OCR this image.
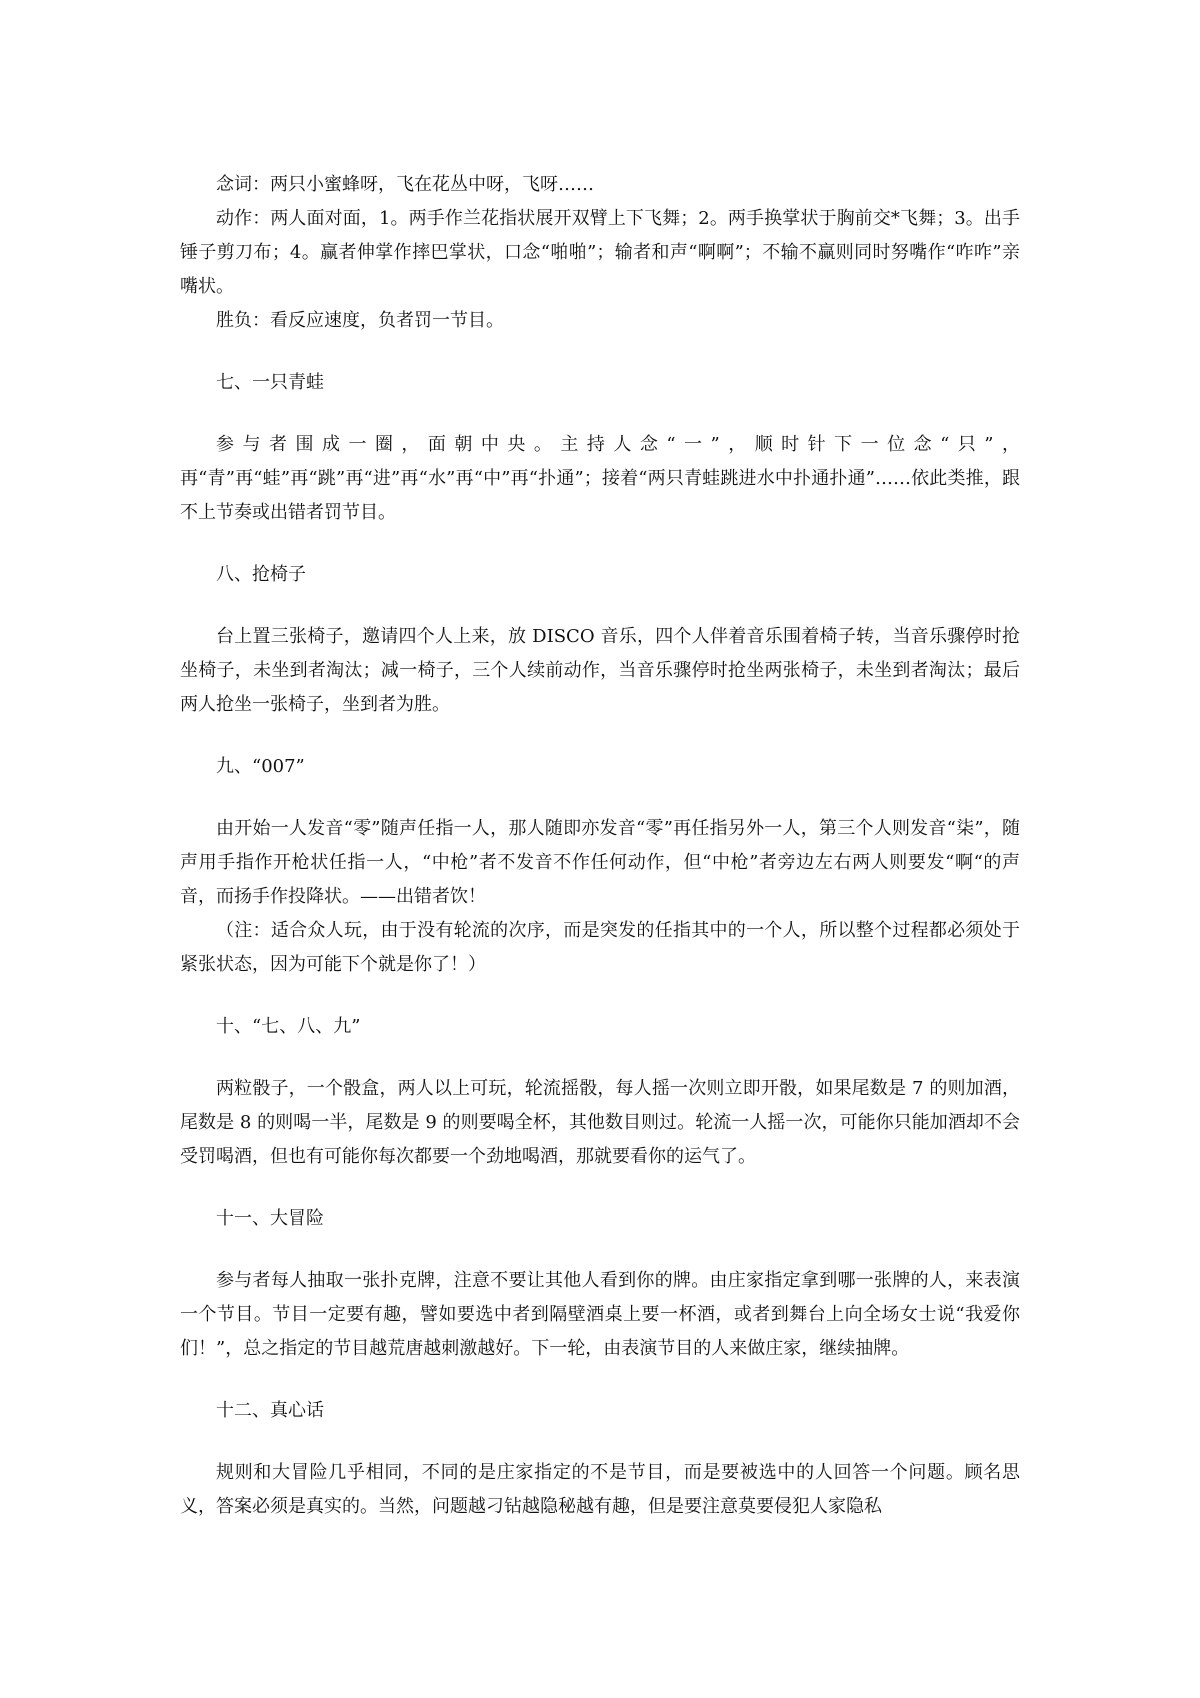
念词：两只小蜜蜂呀，飞在花丛中呀，飞呀……

动作：两人面对面，1。两手作兰花指状展开双臂上下飞舞；2。两手换掌状于胸前交*飞舞；3。出手锤子剪刀布；4。赢者伸掌作摔巴掌状，口念“啪啪”；输者和声“啊啊”；不输不赢则同时努嘴作“咋咋”亲嘴状。

胜负：看反应速度，负者罚一节目。

七、一只青蛙

参与者围成一圈，面朝中央。主持人念“一”，顺时针下一位念“只”，再“青”再“蛙”再“跳”再“进”再“水”再“中”再“扑通”；接着“两只青蛙跳进水中扑通扑通”……依此类推，跟不上节奏或出错者罚节目。

八、抢椅子

台上置三张椅子，邀请四个人上来，放 DISCO 音乐，四个人伴着音乐围着椅子转，当音乐骤停时抢坐椅子，未坐到者淘汰；减一椅子，三个人续前动作，当音乐骤停时抢坐两张椅子，未坐到者淘汰；最后两人抢坐一张椅子，坐到者为胜。

九、“007”

由开始一人发音“零”随声任指一人，那人随即亦发音“零”再任指另外一人，第三个人则发音“柒”，随声用手指作开枪状任指一人，“中枪”者不发音不作任何动作，但“中枪”者旁边左右两人则要发“啊“的声音，而扬手作投降状。——出错者饮！

（注：适合众人玩，由于没有轮流的次序，而是突发的任指其中的一个人，所以整个过程都必须处于紧张状态，因为可能下个就是你了！）

十、“七、八、九”

两粒骰子，一个骰盒，两人以上可玩，轮流摇骰，每人摇一次则立即开骰，如果尾数是 7 的则加酒，尾数是 8 的则喝一半，尾数是 9 的则要喝全杯，其他数目则过。轮流一人摇一次，可能你只能加酒却不会受罚喝酒，但也有可能你每次都要一个劲地喝酒，那就要看你的运气了。

十一、大冒险

参与者每人抽取一张扑克牌，注意不要让其他人看到你的牌。由庄家指定拿到哪一张牌的人，来表演一个节目。节目一定要有趣，譬如要选中者到隔壁酒桌上要一杯酒，或者到舞台上向全场女士说“我爱你们！”，总之指定的节目越荒唐越刺激越好。下一轮，由表演节目的人来做庄家，继续抽牌。

十二、真心话

规则和大冒险几乎相同，不同的是庄家指定的不是节目，而是要被选中的人回答一个问题。顾名思义，答案必须是真实的。当然，问题越刁钻越隐秘越有趣，但是要注意莫要侵犯人家隐私
